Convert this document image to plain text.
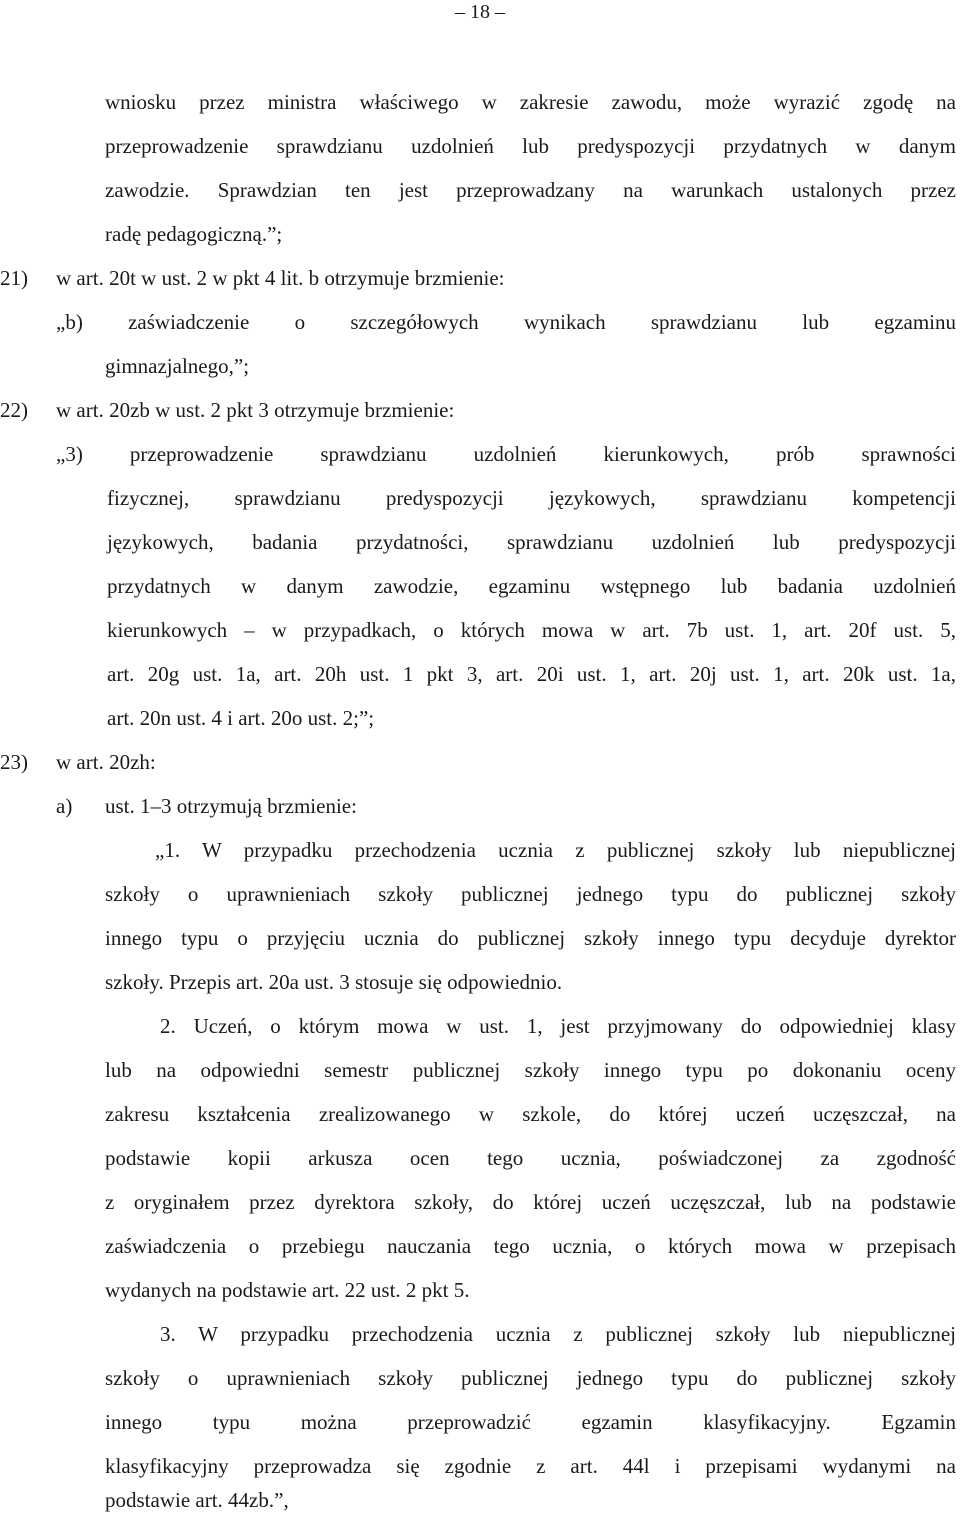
– 18 –
wniosku przez ministra właściwego w zakresie zawodu, może wyrazić zgodę na
przeprowadzenie sprawdzianu uzdolnień lub predyspozycji przydatnych w danym
zawodzie. Sprawdzian ten jest przeprowadzany na warunkach ustalonych przez
radę pedagogiczną.”;
21) w art. 20t w ust. 2 w pkt 4 lit. b otrzymuje brzmienie:
„b) zaświadczenie o szczegółowych wynikach sprawdzianu lub egzaminu
gimnazjalnego,”;
22) w art. 20zb w ust. 2 pkt 3 otrzymuje brzmienie:
„3) przeprowadzenie sprawdzianu uzdolnień kierunkowych, prób sprawności
fizycznej, sprawdzianu predyspozycji językowych, sprawdzianu kompetencji
językowych, badania przydatności, sprawdzianu uzdolnień lub predyspozycji
przydatnych w danym zawodzie, egzaminu wstępnego lub badania uzdolnień
kierunkowych – w przypadkach, o których mowa w art. 7b ust. 1, art. 20f ust. 5,
art. 20g ust. 1a, art. 20h ust. 1 pkt 3, art. 20i ust. 1, art. 20j ust. 1, art. 20k ust. 1a,
art. 20n ust. 4 i art. 20o ust. 2;”;
23) w art. 20zh:
a) ust. 1–3 otrzymują brzmienie:
„1. W przypadku przechodzenia ucznia z publicznej szkoły lub niepublicznej
szkoły o uprawnieniach szkoły publicznej jednego typu do publicznej szkoły
innego typu o przyjęciu ucznia do publicznej szkoły innego typu decyduje dyrektor
szkoły. Przepis art. 20a ust. 3 stosuje się odpowiednio.
2. Uczeń, o którym mowa w ust. 1, jest przyjmowany do odpowiedniej klasy
lub na odpowiedni semestr publicznej szkoły innego typu po dokonaniu oceny
zakresu kształcenia zrealizowanego w szkole, do której uczeń uczęszczał, na
podstawie kopii arkusza ocen tego ucznia, poświadczonej za zgodność
z oryginałem przez dyrektora szkoły, do której uczeń uczęszczał, lub na podstawie
zaświadczenia o przebiegu nauczania tego ucznia, o których mowa w przepisach
wydanych na podstawie art. 22 ust. 2 pkt 5.
3. W przypadku przechodzenia ucznia z publicznej szkoły lub niepublicznej
szkoły o uprawnieniach szkoły publicznej jednego typu do publicznej szkoły
innego typu można przeprowadzić egzamin klasyfikacyjny. Egzamin
klasyfikacyjny przeprowadza się zgodnie z art. 44l i przepisami wydanymi na
podstawie art. 44zb.”,
